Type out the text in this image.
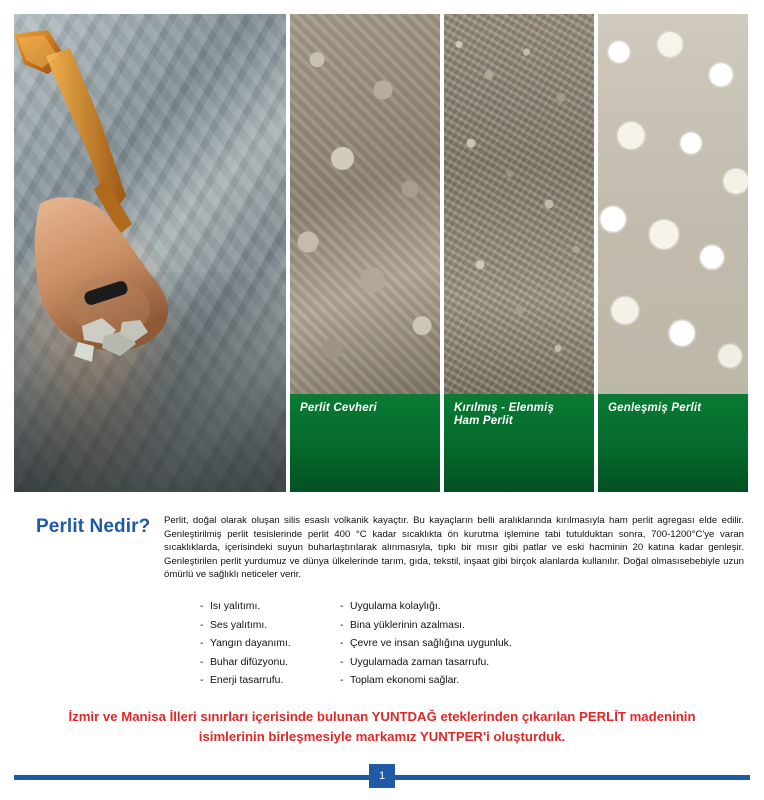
Perlit Cevheri	Kırılmış - Elenmiş
Ham Perlit
Genleşmiş Perlit
Perlit Nedir?	Perlit, doğal olarak oluşan silis esaslı volkanik kayaçtır. Bu kayaçların belli aralıklarında kırılmasıyla ham perlit agregası elde edilir. Genleştirilmiş perlit tesislerinde perlit 400 °C kadar sıcaklıkta ön kurutma işlemine tabi tutulduktan sonra, 700-1200°C'ye varan sıcaklıklarda, içerisindeki suyun buharlaştırılarak alınmasıyla, tıpkı bir mısır gibi patlar ve eski hacminin 20 katına kadar genleşir. Genleştirilen perlit yurdumuz ve dünya ülkelerinde tarım, gıda, tekstil, inşaat gibi birçok alanlarda kullanılır. Doğal olmasısebebiyle uzun ömürlü ve sağlıklı neticeler verir.
- Isı yalıtımı.
- Ses yalıtımı.
- Yangın dayanımı.
- Buhar difüzyonu.
- Enerji tasarrufu.
- Uygulama kolaylığı.
- Bina yüklerinin azalması.
- Çevre ve insan sağlığına uygunluk.
- Uygulamada zaman tasarrufu.
- Toplam ekonomi sağlar.
İzmir ve Manisa İlleri sınırları içerisinde bulunan YUNTDAĞ eteklerinden çıkarılan PERLİT madeninin
isimlerinin birleşmesiyle markamız YUNTPER'i oluşturduk.
1
